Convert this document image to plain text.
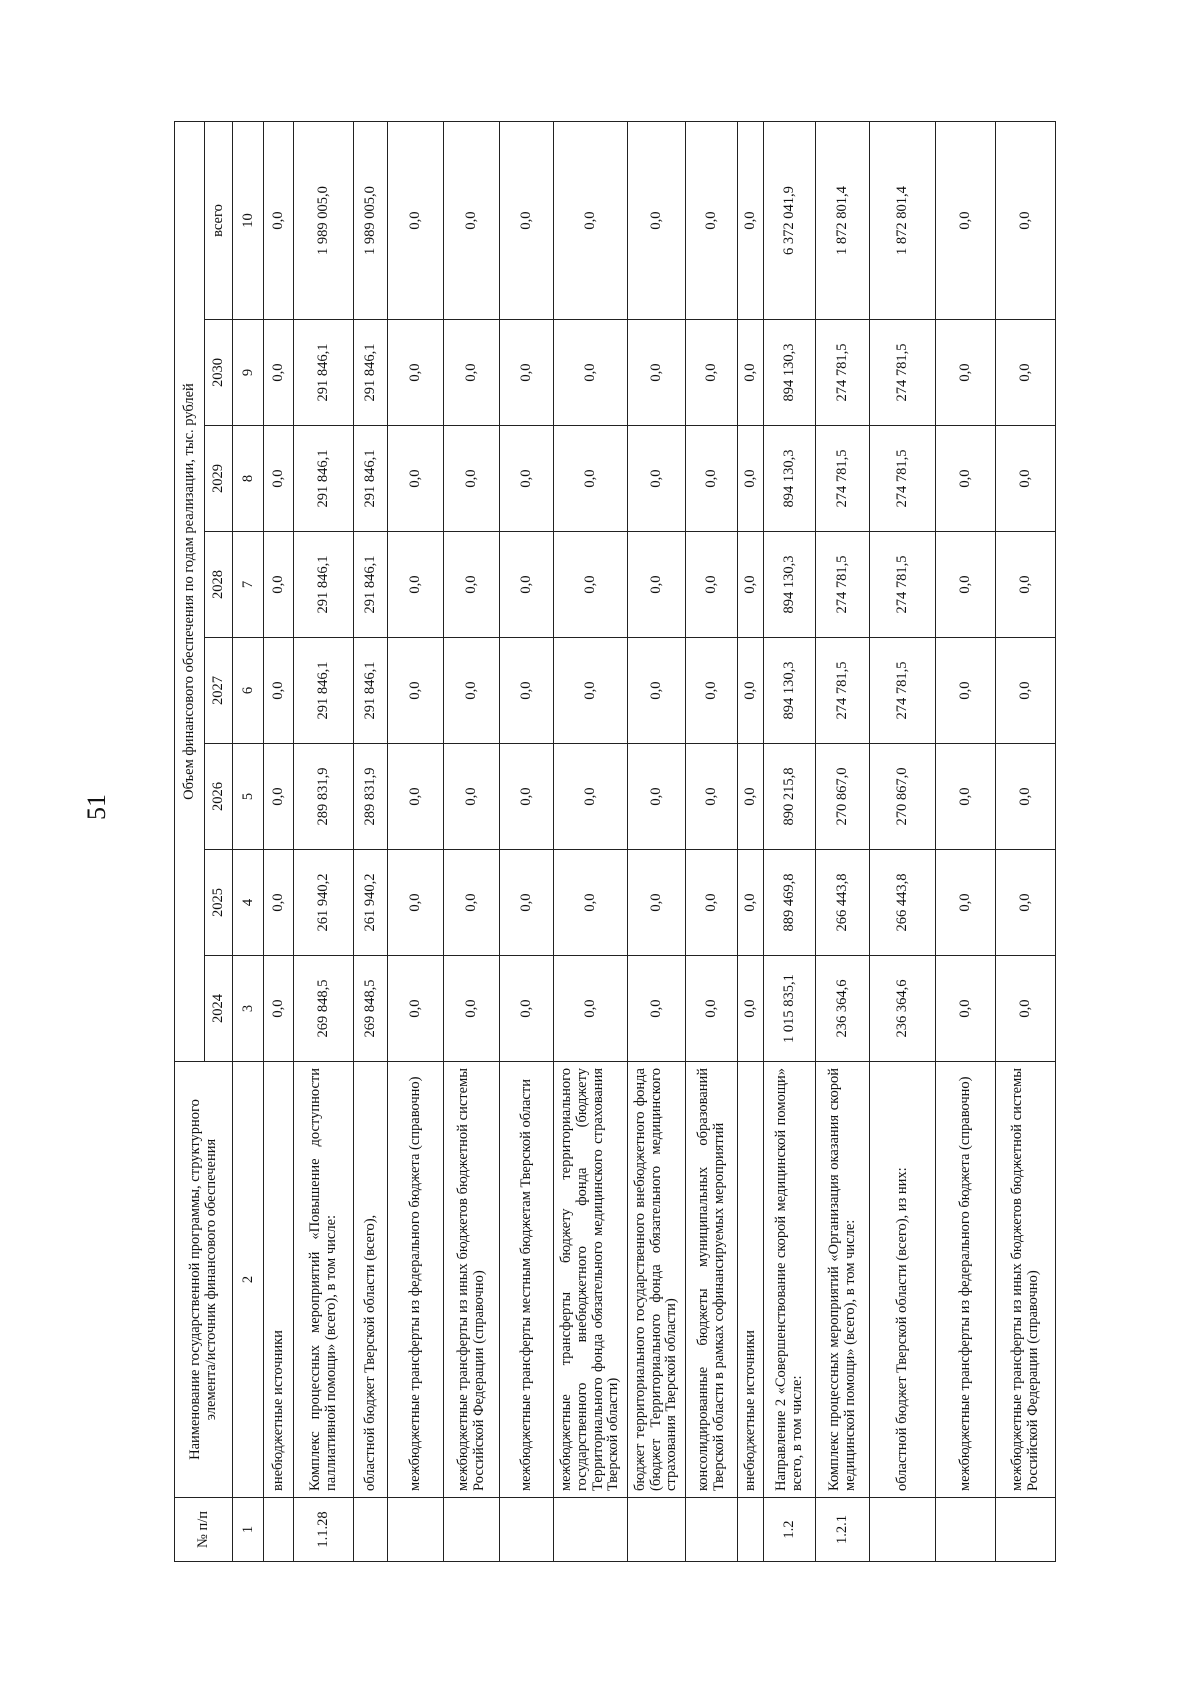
51
№ п/п	Наименование государственной программы, структурного элемента/источник финансового обеспечения	Объем финансового обеспечения по годам реализации, тыс. рублей							
		2024	2025	2026	2027	2028	2029	2030	всего
1	2	3	4	5	6	7	8	9	10
	внебюджетные источники	0,0	0,0	0,0	0,0	0,0	0,0	0,0	0,0
1.1.28	Комплекс процессных мероприятий «Повышение доступности паллиативной помощи» (всего), в том числе:	269 848,5	261 940,2	289 831,9	291 846,1	291 846,1	291 846,1	291 846,1	1 989 005,0
	областной бюджет Тверской области (всего),	269 848,5	261 940,2	289 831,9	291 846,1	291 846,1	291 846,1	291 846,1	1 989 005,0
	межбюджетные трансферты из федерального бюджета (справочно)	0,0	0,0	0,0	0,0	0,0	0,0	0,0	0,0
	межбюджетные трансферты из иных бюджетов бюджетной системы Российской Федерации (справочно)	0,0	0,0	0,0	0,0	0,0	0,0	0,0	0,0
	межбюджетные трансферты местным бюджетам Тверской области	0,0	0,0	0,0	0,0	0,0	0,0	0,0	0,0
	межбюджетные трансферты бюджету территориального государственного внебюджетного фонда (бюджету Территориального фонда обязательного медицинского страхования Тверской области)	0,0	0,0	0,0	0,0	0,0	0,0	0,0	0,0
	бюджет территориального государственного внебюджетного фонда (бюджет Территориального фонда обязательного медицинского страхования Тверской области)	0,0	0,0	0,0	0,0	0,0	0,0	0,0	0,0
	консолидированные бюджеты муниципальных образований Тверской области в рамках софинансируемых мероприятий	0,0	0,0	0,0	0,0	0,0	0,0	0,0	0,0
	внебюджетные источники	0,0	0,0	0,0	0,0	0,0	0,0	0,0	0,0
1.2	Направление 2 «Совершенствование скорой медицинской помощи» всего, в том числе:	1 015 835,1	889 469,8	890 215,8	894 130,3	894 130,3	894 130,3	894 130,3	6 372 041,9
1.2.1	Комплекс процессных мероприятий «Организация оказания скорой медицинской помощи» (всего), в том числе:	236 364,6	266 443,8	270 867,0	274 781,5	274 781,5	274 781,5	274 781,5	1 872 801,4
	областной бюджет Тверской области (всего), из них:	236 364,6	266 443,8	270 867,0	274 781,5	274 781,5	274 781,5	274 781,5	1 872 801,4
	межбюджетные трансферты из федерального бюджета (справочно)	0,0	0,0	0,0	0,0	0,0	0,0	0,0	0,0
	межбюджетные трансферты из иных бюджетов бюджетной системы Российской Федерации (справочно)	0,0	0,0	0,0	0,0	0,0	0,0	0,0	0,0
